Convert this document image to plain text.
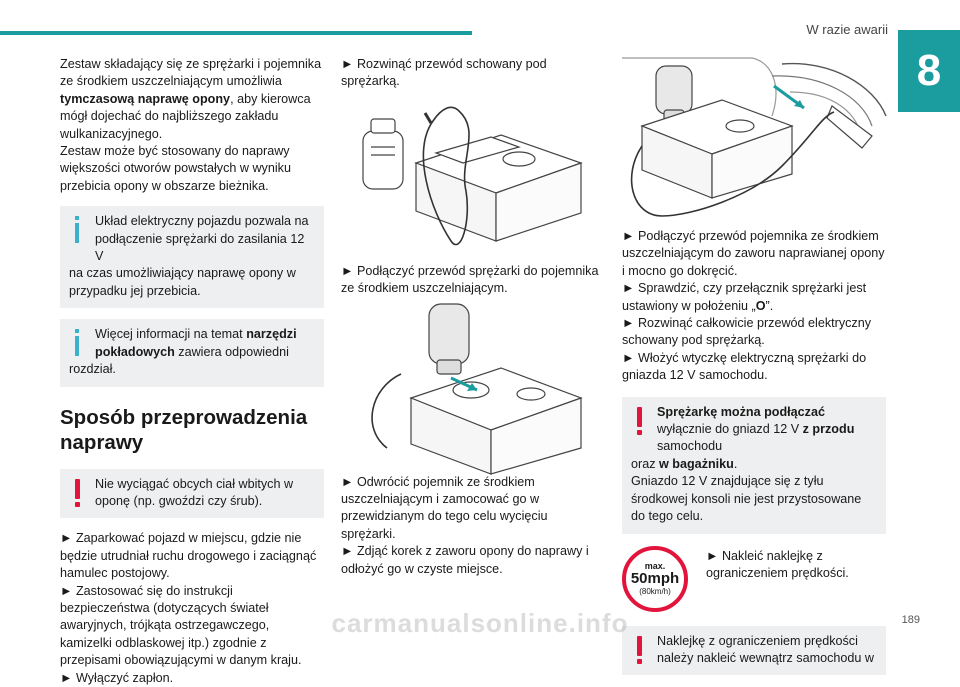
W razie awarii
8

Zestaw składający się ze sprężarki i pojemnika ze środkiem uszczelniającym umożliwia tymczasową naprawę opony, aby kierowca mógł dojechać do najbliższego zakładu wulkanizacyjnego.

Zestaw może być stosowany do naprawy większości otworów powstałych w wyniku przebicia opony w obszarze bieżnika.

Układ elektryczny pojazdu pozwala na podłączenie sprężarki do zasilania 12 V
na czas umożliwiający naprawę opony w przypadku jej przebicia.
Więcej informacji na temat narzędzi pokładowych zawiera odpowiedni
rozdział.
Sposób przeprowadzenia naprawy
Nie wyciągać obcych ciał wbitych w oponę (np. gwoździ czy śrub).

► Zaparkować pojazd w miejscu, gdzie nie będzie utrudniał ruchu drogowego i zaciągnąć hamulec postojowy.

► Zastosować się do instrukcji bezpieczeństwa (dotyczących świateł awaryjnych, trójkąta ostrzegawczego, kamizelki odblaskowej itp.) zgodnie z przepisami obowiązującymi w danym kraju.

► Wyłączyć zapłon.

► Rozwinąć przewód schowany pod sprężarką.

► Podłączyć przewód sprężarki do pojemnika ze środkiem uszczelniającym.

► Odwrócić pojemnik ze środkiem uszczelniającym i zamocować go w przewidzianym do tego celu wycięciu sprężarki.

► Zdjąć korek z zaworu opony do naprawy i odłożyć go w czyste miejsce.

► Podłączyć przewód pojemnika ze środkiem uszczelniającym do zaworu naprawianej opony i mocno go dokręcić.

► Sprawdzić, czy przełącznik sprężarki jest ustawiony w położeniu „O”.

► Rozwinąć całkowicie przewód elektryczny schowany pod sprężarką.

► Włożyć wtyczkę elektryczną sprężarki do gniazda 12 V samochodu.

Sprężarkę można podłączać wyłącznie do gniazd 12 V z przodu samochodu
oraz w bagażniku.
Gniazdo 12 V znajdujące się z tyłu środkowej konsoli nie jest przystosowane do tego celu.
max.
50mph
(80km/h)

► Nakleić naklejkę z ograniczeniem prędkości.

Naklejkę z ograniczeniem prędkości należy nakleić wewnątrz samochodu w
189
carmanualsonline.info
